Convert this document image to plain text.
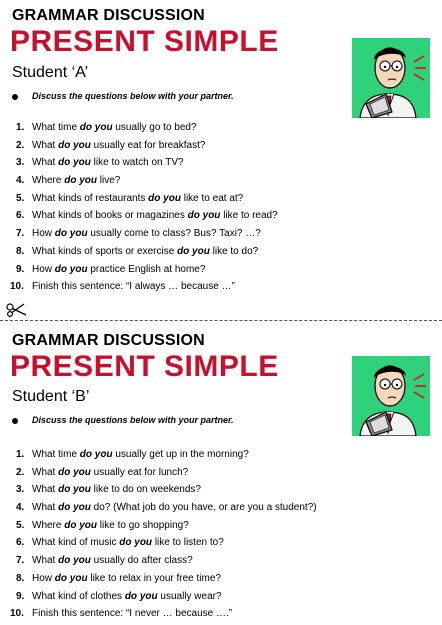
GRAMMAR DISCUSSION
PRESENT SIMPLE
Student ‘A’
Discuss the questions below with your partner.
1. What time do you usually go to bed?
2. What do you usually eat for breakfast?
3. What do you like to watch on TV?
4. Where do you live?
5. What kinds of restaurants do you like to eat at?
6. What kinds of books or magazines do you like to read?
7. How do you usually come to class? Bus? Taxi? …?
8. What kinds of sports or exercise do you like to do?
9. How do you practice English at home?
10. Finish this sentence: “I always … because …”
GRAMMAR DISCUSSION
PRESENT SIMPLE
Student ‘B’
Discuss the questions below with your partner.
1. What time do you usually get up in the morning?
2. What do you usually eat for lunch?
3. What do you like to do on weekends?
4. What do you do? (What job do you have, or are you a student?)
5. Where do you like to go shopping?
6. What kind of music do you like to listen to?
7. What do you usually do after class?
8. How do you like to relax in your free time?
9. What kind of clothes do you usually wear?
10. Finish this sentence: “I never … because ….”
